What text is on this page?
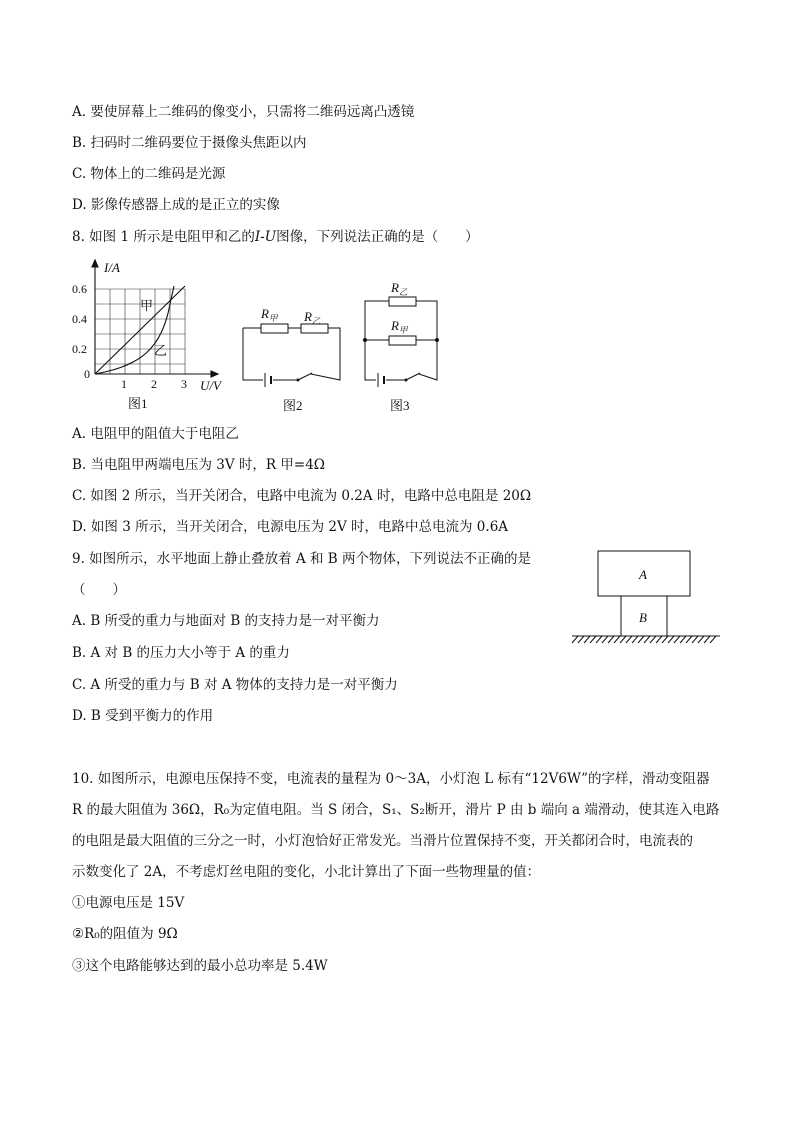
A. 要使屏幕上二维码的像变小，只需将二维码远离凸透镜
B. 扫码时二维码要位于摄像头焦距以内
C. 物体上的二维码是光源
D. 影像传感器上成的是正立的实像
8. 如图 1 所示是电阻甲和乙的I-U图像，下列说法正确的是（　　）
I/A
0.6
0.4
0.2
0
1 2 3 U/V
甲
乙
图1
$R_甲$ $R_乙$
图2
$R_乙$
$R_甲$
图3
A. 电阻甲的阻值大于电阻乙
B. 当电阻甲两端电压为 3V 时，R 甲=4Ω
C. 如图 2 所示，当开关闭合，电路中电流为 0.2A 时，电路中总电阻是 20Ω
D. 如图 3 所示，当开关闭合，电源电压为 2V 时，电路中总电流为 0.6A
9. 如图所示，水平地面上静止叠放着 A 和 B 两个物体，下列说法不正确的是
（　　）
A
B
A. B 所受的重力与地面对 B 的支持力是一对平衡力
B. A 对 B 的压力大小等于 A 的重力
C. A 所受的重力与 B 对 A 物体的支持力是一对平衡力
D. B 受到平衡力的作用
10. 如图所示，电源电压保持不变，电流表的量程为 0～3A，小灯泡 L 标有“12V6W”的字样，滑动变阻器
R 的最大阻值为 36Ω，R₀为定值电阻。当 S 闭合，S₁、S₂断开，滑片 P 由 b 端向 a 端滑动，使其连入电路
的电阻是最大阻值的三分之一时，小灯泡恰好正常发光。当滑片位置保持不变，开关都闭合时，电流表的
示数变化了 2A，不考虑灯丝电阻的变化，小北计算出了下面一些物理量的值：
①电源电压是 15V
②R₀的阻值为 9Ω
③这个电路能够达到的最小总功率是 5.4W
